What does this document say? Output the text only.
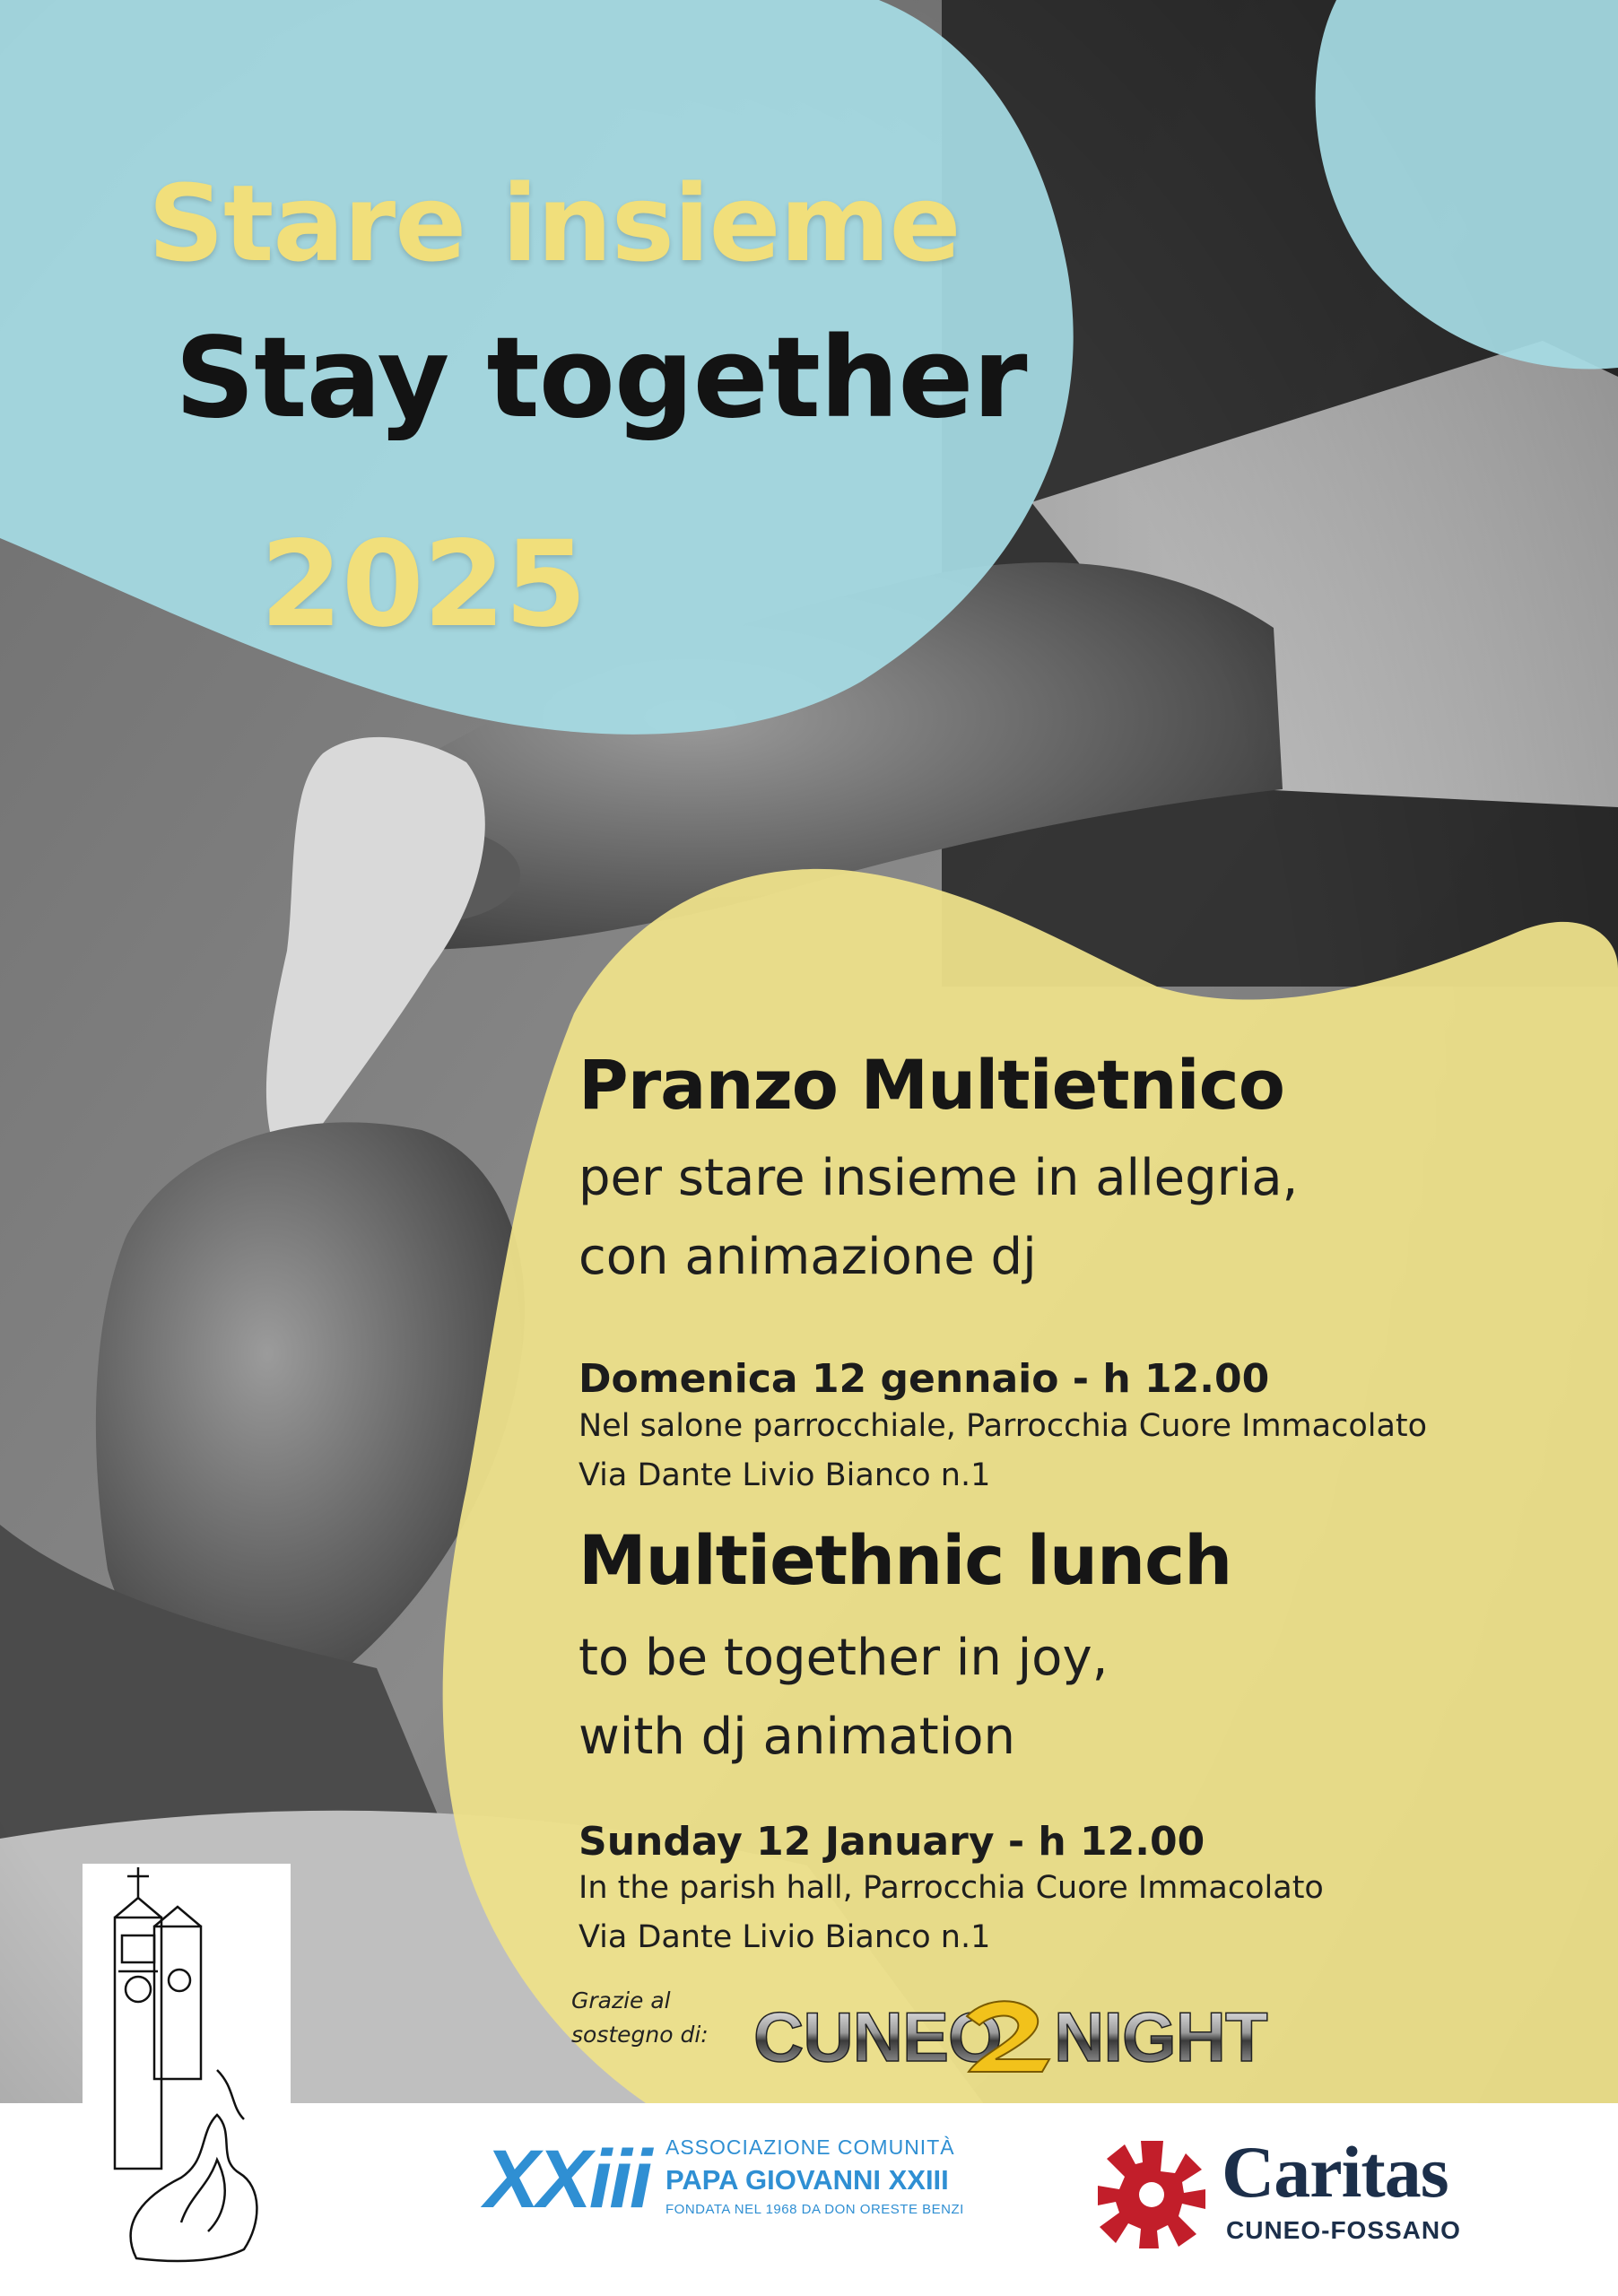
Stare insieme
Stay together
2025
Pranzo Multietnico
per stare insieme in allegria,
con animazione dj
Domenica 12 gennaio - h 12.00
Nel salone parrocchiale, Parrocchia Cuore Immacolato
Via Dante Livio Bianco n.1
Multiethnic lunch
to be together in joy,
with dj animation
Sunday 12 January - h 12.00
In the parish hall, Parrocchia Cuore Immacolato
Via Dante Livio Bianco n.1
Grazie al
sostegno di: CUNEO NIGHT
XXiii ASSOCIAZIONE COMUNITÀ
PAPA GIOVANNI XXIII
FONDATA NEL 1968 DA DON ORESTE BENZI	Caritas
CUNEO-FOSSANO
